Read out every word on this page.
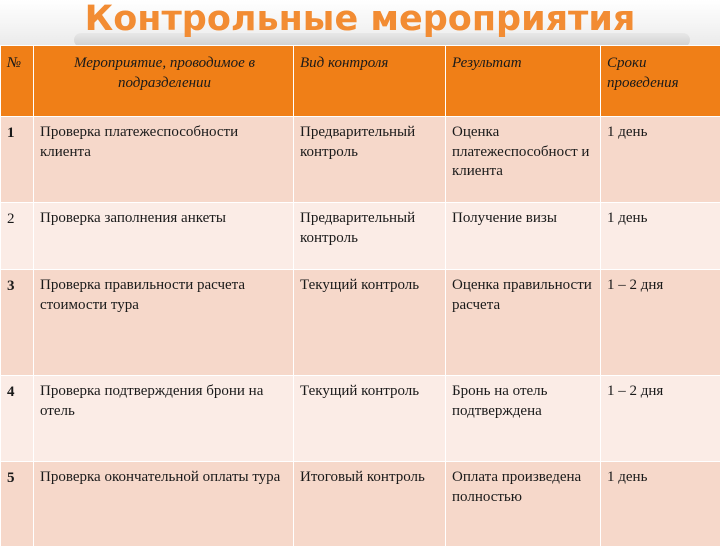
Контрольные мероприятия
№	Мероприятие, проводимое в подразделении	Вид контроля	Результат	Сроки проведения
1	Проверка платежеспособности клиента	Предварительный контроль	Оценка платежеспособност и клиента	1 день
2	Проверка заполнения анкеты	Предварительный контроль	Получение визы	1 день
3	Проверка правильности расчета стоимости тура	Текущий контроль	Оценка правильности расчета	1 – 2 дня
4	Проверка подтверждения брони на отель	Текущий контроль	Бронь на отель подтверждена	1 – 2 дня
5	Проверка окончательной оплаты тура	Итоговый контроль	Оплата произведена полностью	1 день
